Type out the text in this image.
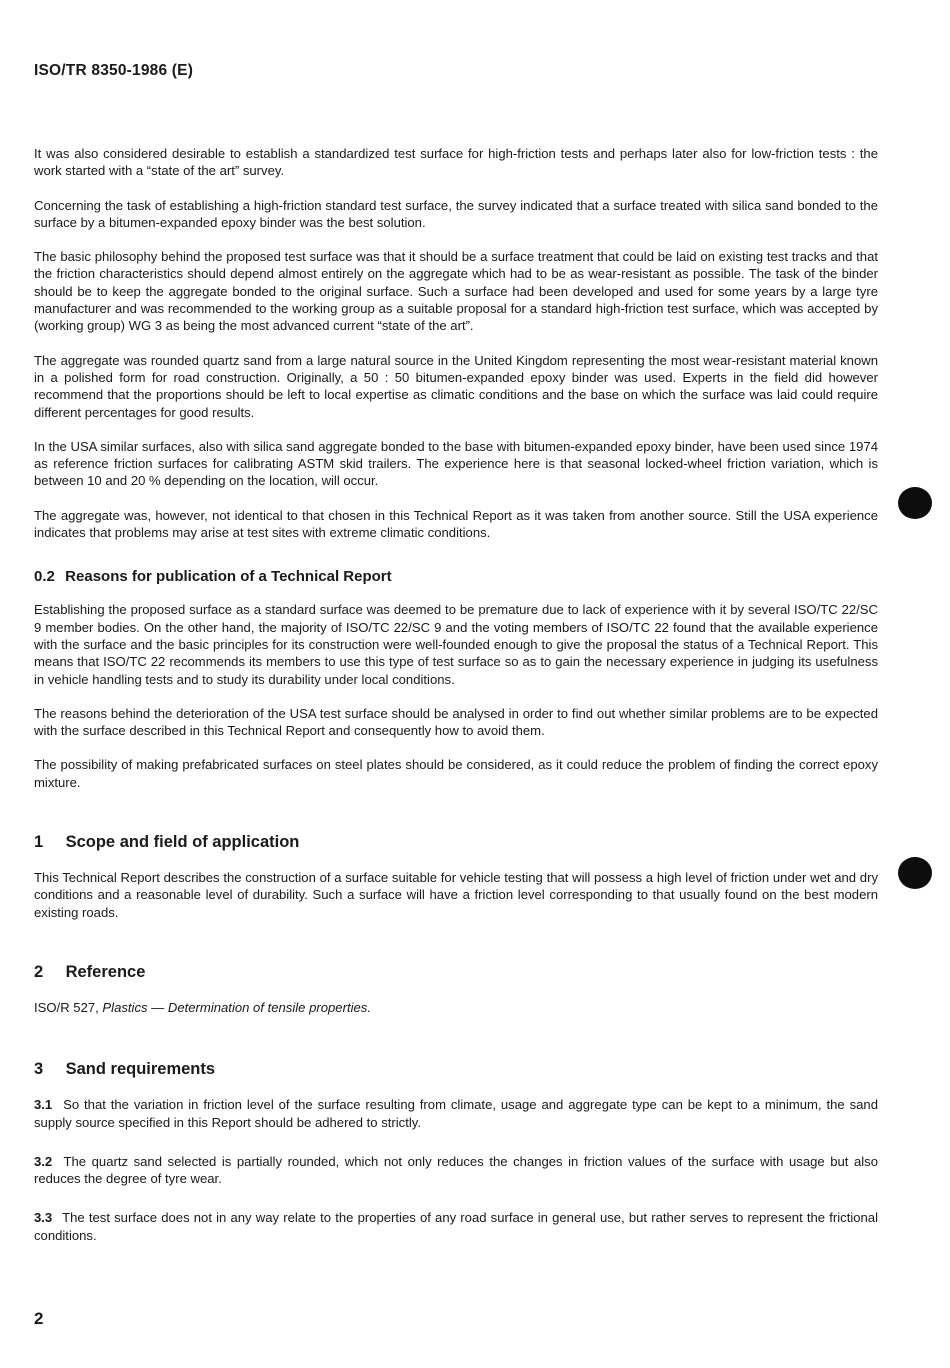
ISO/TR 8350-1986 (E)

It was also considered desirable to establish a standardized test surface for high-friction tests and perhaps later also for low-friction tests : the work started with a “state of the art” survey.

Concerning the task of establishing a high-friction standard test surface, the survey indicated that a surface treated with silica sand bonded to the surface by a bitumen-expanded epoxy binder was the best solution.

The basic philosophy behind the proposed test surface was that it should be a surface treatment that could be laid on existing test tracks and that the friction characteristics should depend almost entirely on the aggregate which had to be as wear-resistant as possible. The task of the binder should be to keep the aggregate bonded to the original surface. Such a surface had been developed and used for some years by a large tyre manufacturer and was recommended to the working group as a suitable proposal for a standard high-friction test surface, which was accepted by (working group) WG 3 as being the most advanced current “state of the art”.

The aggregate was rounded quartz sand from a large natural source in the United Kingdom representing the most wear-resistant material known in a polished form for road construction. Originally, a 50 : 50 bitumen-expanded epoxy binder was used. Experts in the field did however recommend that the proportions should be left to local expertise as climatic conditions and the base on which the surface was laid could require different percentages for good results.

In the USA similar surfaces, also with silica sand aggregate bonded to the base with bitumen-expanded epoxy binder, have been used since 1974 as reference friction surfaces for calibrating ASTM skid trailers. The experience here is that seasonal locked-wheel friction variation, which is between 10 and 20 % depending on the location, will occur.

The aggregate was, however, not identical to that chosen in this Technical Report as it was taken from another source. Still the USA experience indicates that problems may arise at test sites with extreme climatic conditions.

0.2 Reasons for publication of a Technical Report

Establishing the proposed surface as a standard surface was deemed to be premature due to lack of experience with it by several ISO/TC 22/SC 9 member bodies. On the other hand, the majority of ISO/TC 22/SC 9 and the voting members of ISO/TC 22 found that the available experience with the surface and the basic principles for its construction were well-founded enough to give the proposal the status of a Technical Report. This means that ISO/TC 22 recommends its members to use this type of test surface so as to gain the necessary experience in judging its usefulness in vehicle handling tests and to study its durability under local conditions.

The reasons behind the deterioration of the USA test surface should be analysed in order to find out whether similar problems are to be expected with the surface described in this Technical Report and consequently how to avoid them.

The possibility of making prefabricated surfaces on steel plates should be considered, as it could reduce the problem of finding the correct epoxy mixture.

1 Scope and field of application

This Technical Report describes the construction of a surface suitable for vehicle testing that will possess a high level of friction under wet and dry conditions and a reasonable level of durability. Such a surface will have a friction level corresponding to that usually found on the best modern existing roads.

2 Reference

ISO/R 527, Plastics — Determination of tensile properties.

3 Sand requirements

3.1 So that the variation in friction level of the surface resulting from climate, usage and aggregate type can be kept to a minimum, the sand supply source specified in this Report should be adhered to strictly.

3.2 The quartz sand selected is partially rounded, which not only reduces the changes in friction values of the surface with usage but also reduces the degree of tyre wear.

3.3 The test surface does not in any way relate to the properties of any road surface in general use, but rather serves to represent the frictional conditions.

2
